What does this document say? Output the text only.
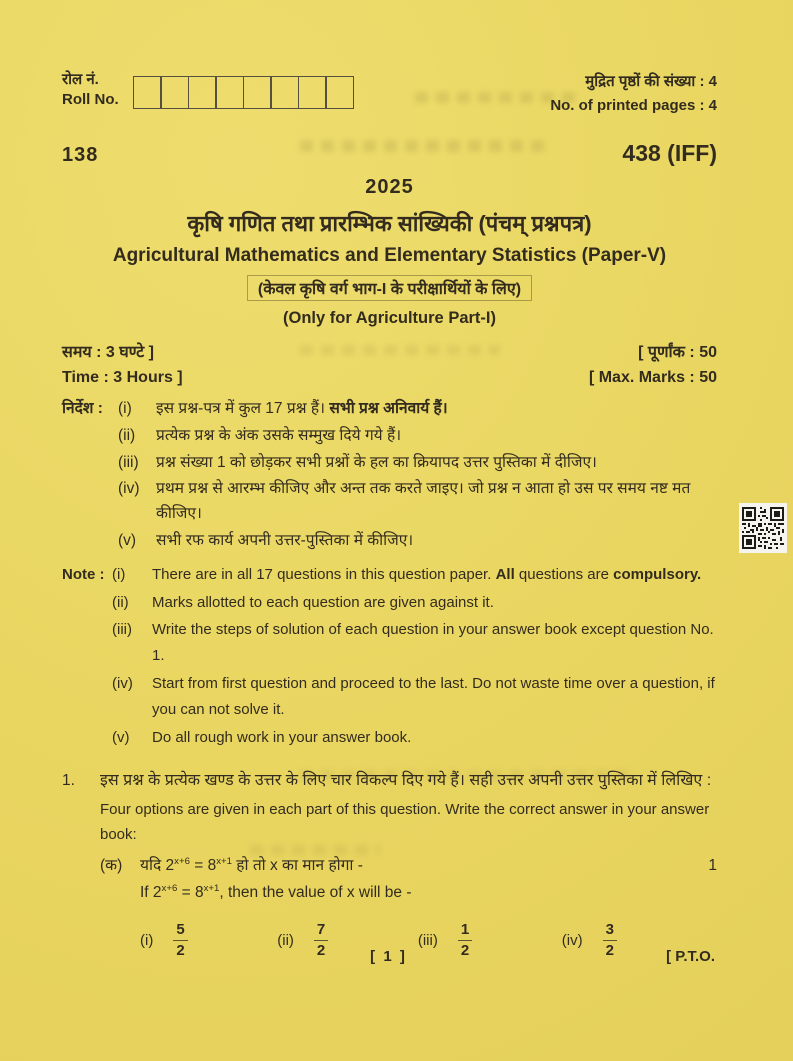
रोल नं.
Roll No.
मुद्रित पृष्ठों की संख्या : 4
No. of printed pages : 4
138	438 (IFF)
2025
कृषि गणित तथा प्रारम्भिक सांख्यिकी (पंचम् प्रश्नपत्र)
Agricultural Mathematics and Elementary Statistics (Paper-V)
(केवल कृषि वर्ग भाग-I के परीक्षार्थियों के लिए)
(Only for Agriculture Part-I)
समय : 3 घण्टे ]	[ पूर्णांक : 50
Time : 3 Hours ]	[ Max. Marks : 50
निर्देश : (i)	इस प्रश्न-पत्र में कुल 17 प्रश्न हैं। सभी प्रश्न अनिवार्य हैं।
(ii)	प्रत्येक प्रश्न के अंक उसके सम्मुख दिये गये हैं।
(iii)	प्रश्न संख्या 1 को छोड़कर सभी प्रश्नों के हल का क्रियापद उत्तर पुस्तिका में दीजिए।
(iv)	प्रथम प्रश्न से आरम्भ कीजिए और अन्त तक करते जाइए। जो प्रश्न न आता हो उस पर समय नष्ट मत कीजिए।
(v)	सभी रफ कार्य अपनी उत्तर-पुस्तिका में कीजिए।
Note : (i)	There are in all 17 questions in this question paper. All questions are compulsory.
(ii)	Marks allotted to each question are given against it.
(iii)	Write the steps of solution of each question in your answer book except question No. 1.
(iv)	Start from first question and proceed to the last. Do not waste time over a question, if you can not solve it.
(v)	Do all rough work in your answer book.
1.	इस प्रश्न के प्रत्येक खण्ड के उत्तर के लिए चार विकल्प दिए गये हैं। सही उत्तर अपनी उत्तर पुस्तिका में लिखिए :
Four options are given in each part of this question. Write the correct answer in your answer book:
(क)	यदि $2^{x+6} = 8^{x+1}$ हो तो x का मान होगा -
If $2^{x+6} = 8^{x+1}$, then the value of x will be -
1
$(i) \frac{5}{2}$	$(ii) \frac{7}{2}$	$(iii) \frac{1}{2}$	$(iv) \frac{3}{2}$
[ 1 ]	[ P.T.O.
